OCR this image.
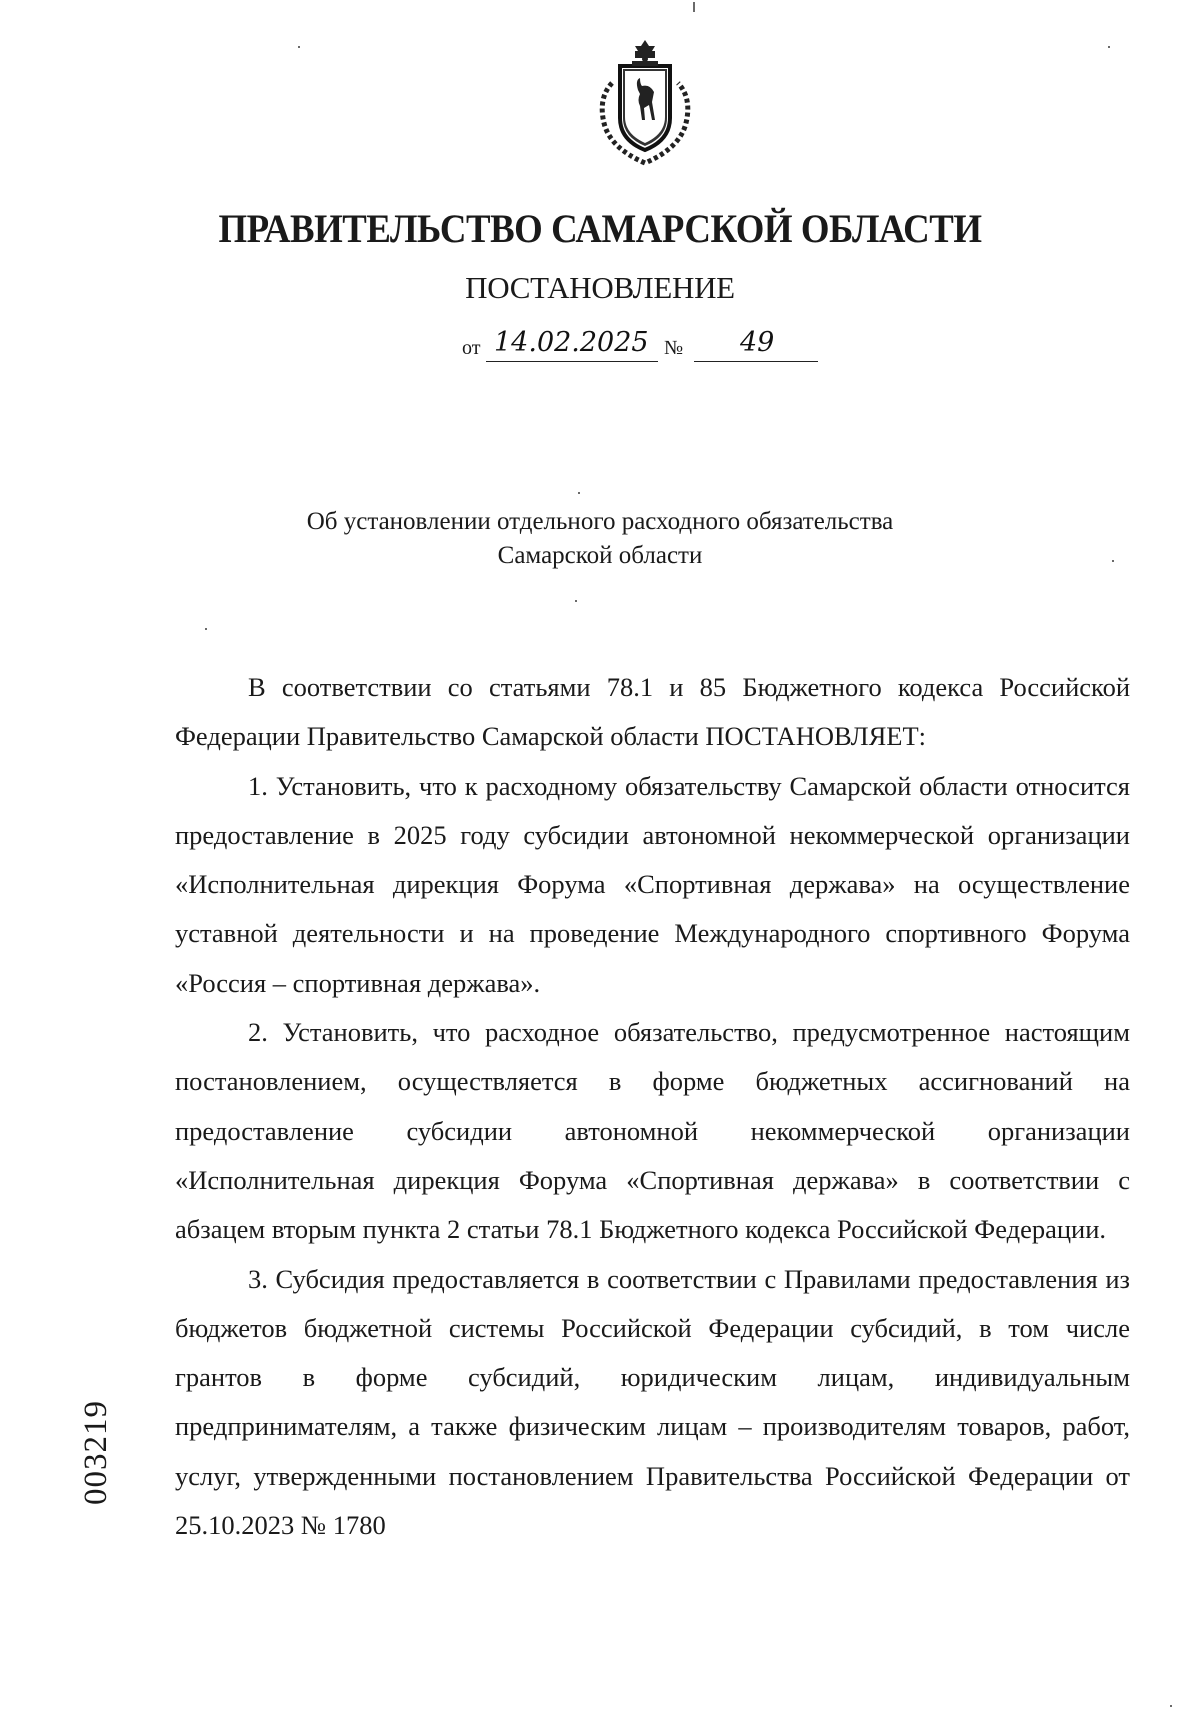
ПРАВИТЕЛЬСТВО САМАРСКОЙ ОБЛАСТИ
ПОСТАНОВЛЕНИЕ
от 14.02.2025 № 49
Об установлении отдельного расходного обязательства
Самарской области

В соответствии со статьями 78.1 и 85 Бюджетного кодекса Российской Федерации Правительство Самарской области ПОСТАНОВЛЯЕТ:

1. Установить, что к расходному обязательству Самарской области относится предоставление в 2025 году субсидии автономной некоммерческой организации «Исполнительная дирекция Форума «Спортивная держава» на осуществление уставной деятельности и на проведение Международного спортивного Форума «Россия – спортивная держава».

2. Установить, что расходное обязательство, предусмотренное настоящим постановлением, осуществляется в форме бюджетных ассигнований на предоставление субсидии автономной некоммерческой организации «Исполнительная дирекция Форума «Спортивная держава» в соответствии с абзацем вторым пункта 2 статьи 78.1 Бюджетного кодекса Российской Федерации.

3. Субсидия предоставляется в соответствии с Правилами предоставления из бюджетов бюджетной системы Российской Федерации субсидий, в том числе грантов в форме субсидий, юридическим лицам, индивидуальным предпринимателям, а также физическим лицам – производителям товаров, работ, услуг, утвержденными постановлением Правительства Российской Федерации от 25.10.2023 № 1780

003219
